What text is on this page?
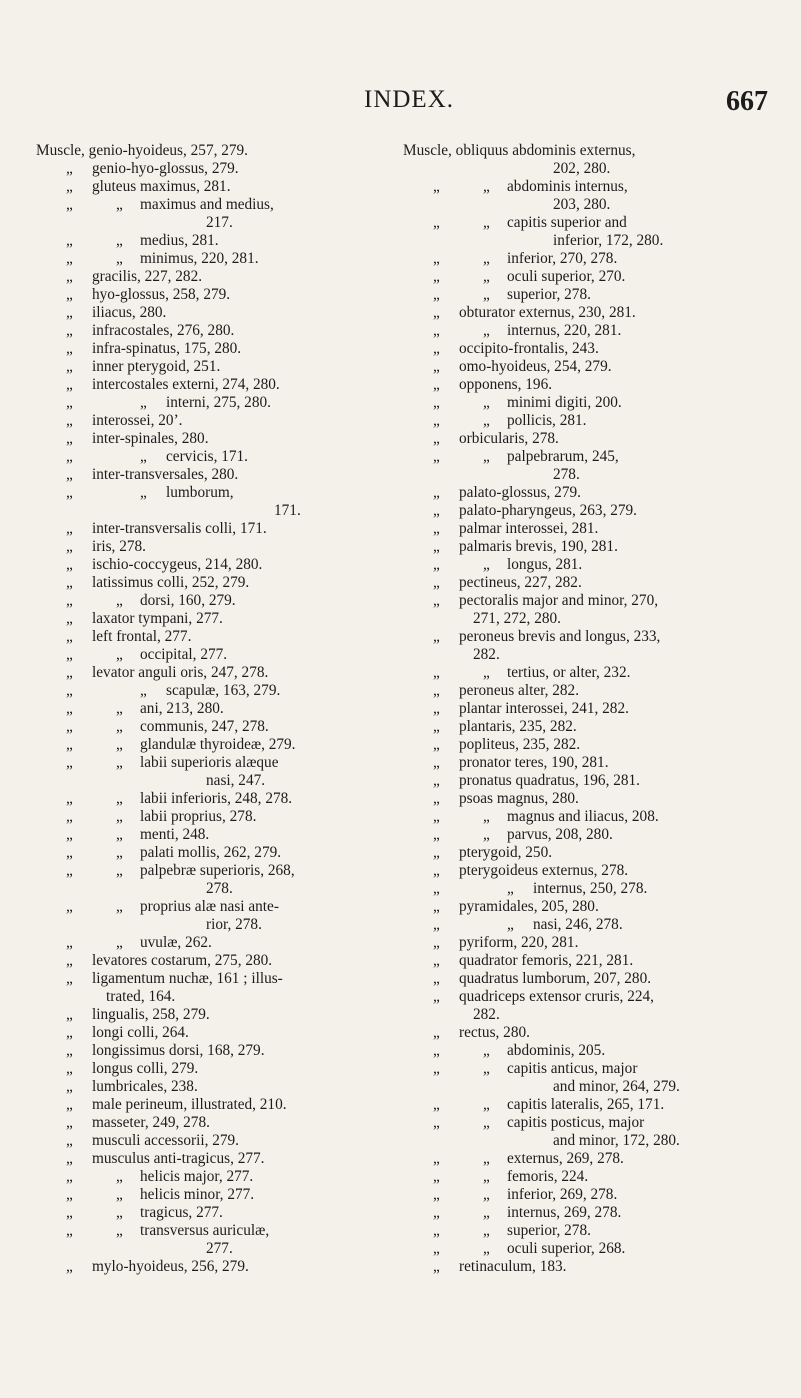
INDEX.	667
Muscle, genio-hyoideus, 257, 279.
„	genio-hyo-glossus, 279.
„	gluteus maximus, 281.
„	„	maximus and medius,
217.
„	„	medius, 281.
„	„	minimus, 220, 281.
„	gracilis, 227, 282.
„	hyo-glossus, 258, 279.
„	iliacus, 280.
„	infracostales, 276, 280.
„	infra-spinatus, 175, 280.
„	inner pterygoid, 251.
„	intercostales externi, 274, 280.
„	„	interni, 275, 280.
„	interossei, 20’.
„	inter-spinales, 280.
„	„	cervicis, 171.
„	inter-transversales, 280.
„	„	lumborum,
171.
„	inter-transversalis colli, 171.
„	iris, 278.
„	ischio-coccygeus, 214, 280.
„	latissimus colli, 252, 279.
„	„	dorsi, 160, 279.
„	laxator tympani, 277.
„	left frontal, 277.
„	„	occipital, 277.
„	levator anguli oris, 247, 278.
„	„	scapulæ, 163, 279.
„	„	ani, 213, 280.
„	„	communis, 247, 278.
„	„	glandulæ thyroideæ, 279.
„	„	labii superioris alæque
nasi, 247.
„	„	labii inferioris, 248, 278.
„	„	labii proprius, 278.
„	„	menti, 248.
„	„	palati mollis, 262, 279.
„	„	palpebræ superioris, 268,
278.
„	„	proprius alæ nasi ante-
rior, 278.
„	„	uvulæ, 262.
„	levatores costarum, 275, 280.
„	ligamentum nuchæ, 161 ; illus-
trated, 164.
„	lingualis, 258, 279.
„	longi colli, 264.
„	longissimus dorsi, 168, 279.
„	longus colli, 279.
„	lumbricales, 238.
„	male perineum, illustrated, 210.
„	masseter, 249, 278.
„	musculi accessorii, 279.
„	musculus anti-tragicus, 277.
„	„	helicis major, 277.
„	„	helicis minor, 277.
„	„	tragicus, 277.
„	„	transversus auriculæ,
277.
„	mylo-hyoideus, 256, 279.
Muscle, obliquus abdominis externus,
202, 280.
„	„	abdominis internus,
203, 280.
„	„	capitis superior and
inferior, 172, 280.
„	„	inferior, 270, 278.
„	„	oculi superior, 270.
„	„	superior, 278.
„	obturator externus, 230, 281.
„	„	internus, 220, 281.
„	occipito-frontalis, 243.
„	omo-hyoideus, 254, 279.
„	opponens, 196.
„	„	minimi digiti, 200.
„	„	pollicis, 281.
„	orbicularis, 278.
„	„	palpebrarum, 245,
278.
„	palato-glossus, 279.
„	palato-pharyngeus, 263, 279.
„	palmar interossei, 281.
„	palmaris brevis, 190, 281.
„	„	longus, 281.
„	pectineus, 227, 282.
„	pectoralis major and minor, 270,
271, 272, 280.
„	peroneus brevis and longus, 233,
282.
„	„	tertius, or alter, 232.
„	peroneus alter, 282.
„	plantar interossei, 241, 282.
„	plantaris, 235, 282.
„	popliteus, 235, 282.
„	pronator teres, 190, 281.
„	pronatus quadratus, 196, 281.
„	psoas magnus, 280.
„	„	magnus and iliacus, 208.
„	„	parvus, 208, 280.
„	pterygoid, 250.
„	pterygoideus externus, 278.
„	„	internus, 250, 278.
„	pyramidales, 205, 280.
„	„	nasi, 246, 278.
„	pyriform, 220, 281.
„	quadrator femoris, 221, 281.
„	quadratus lumborum, 207, 280.
„	quadriceps extensor cruris, 224,
282.
„	rectus, 280.
„	„	abdominis, 205.
„	„	capitis anticus, major
and minor, 264, 279.
„	„	capitis lateralis, 265, 171.
„	„	capitis posticus, major
and minor, 172, 280.
„	„	externus, 269, 278.
„	„	femoris, 224.
„	„	inferior, 269, 278.
„	„	internus, 269, 278.
„	„	superior, 278.
„	„	oculi superior, 268.
„	retinaculum, 183.
